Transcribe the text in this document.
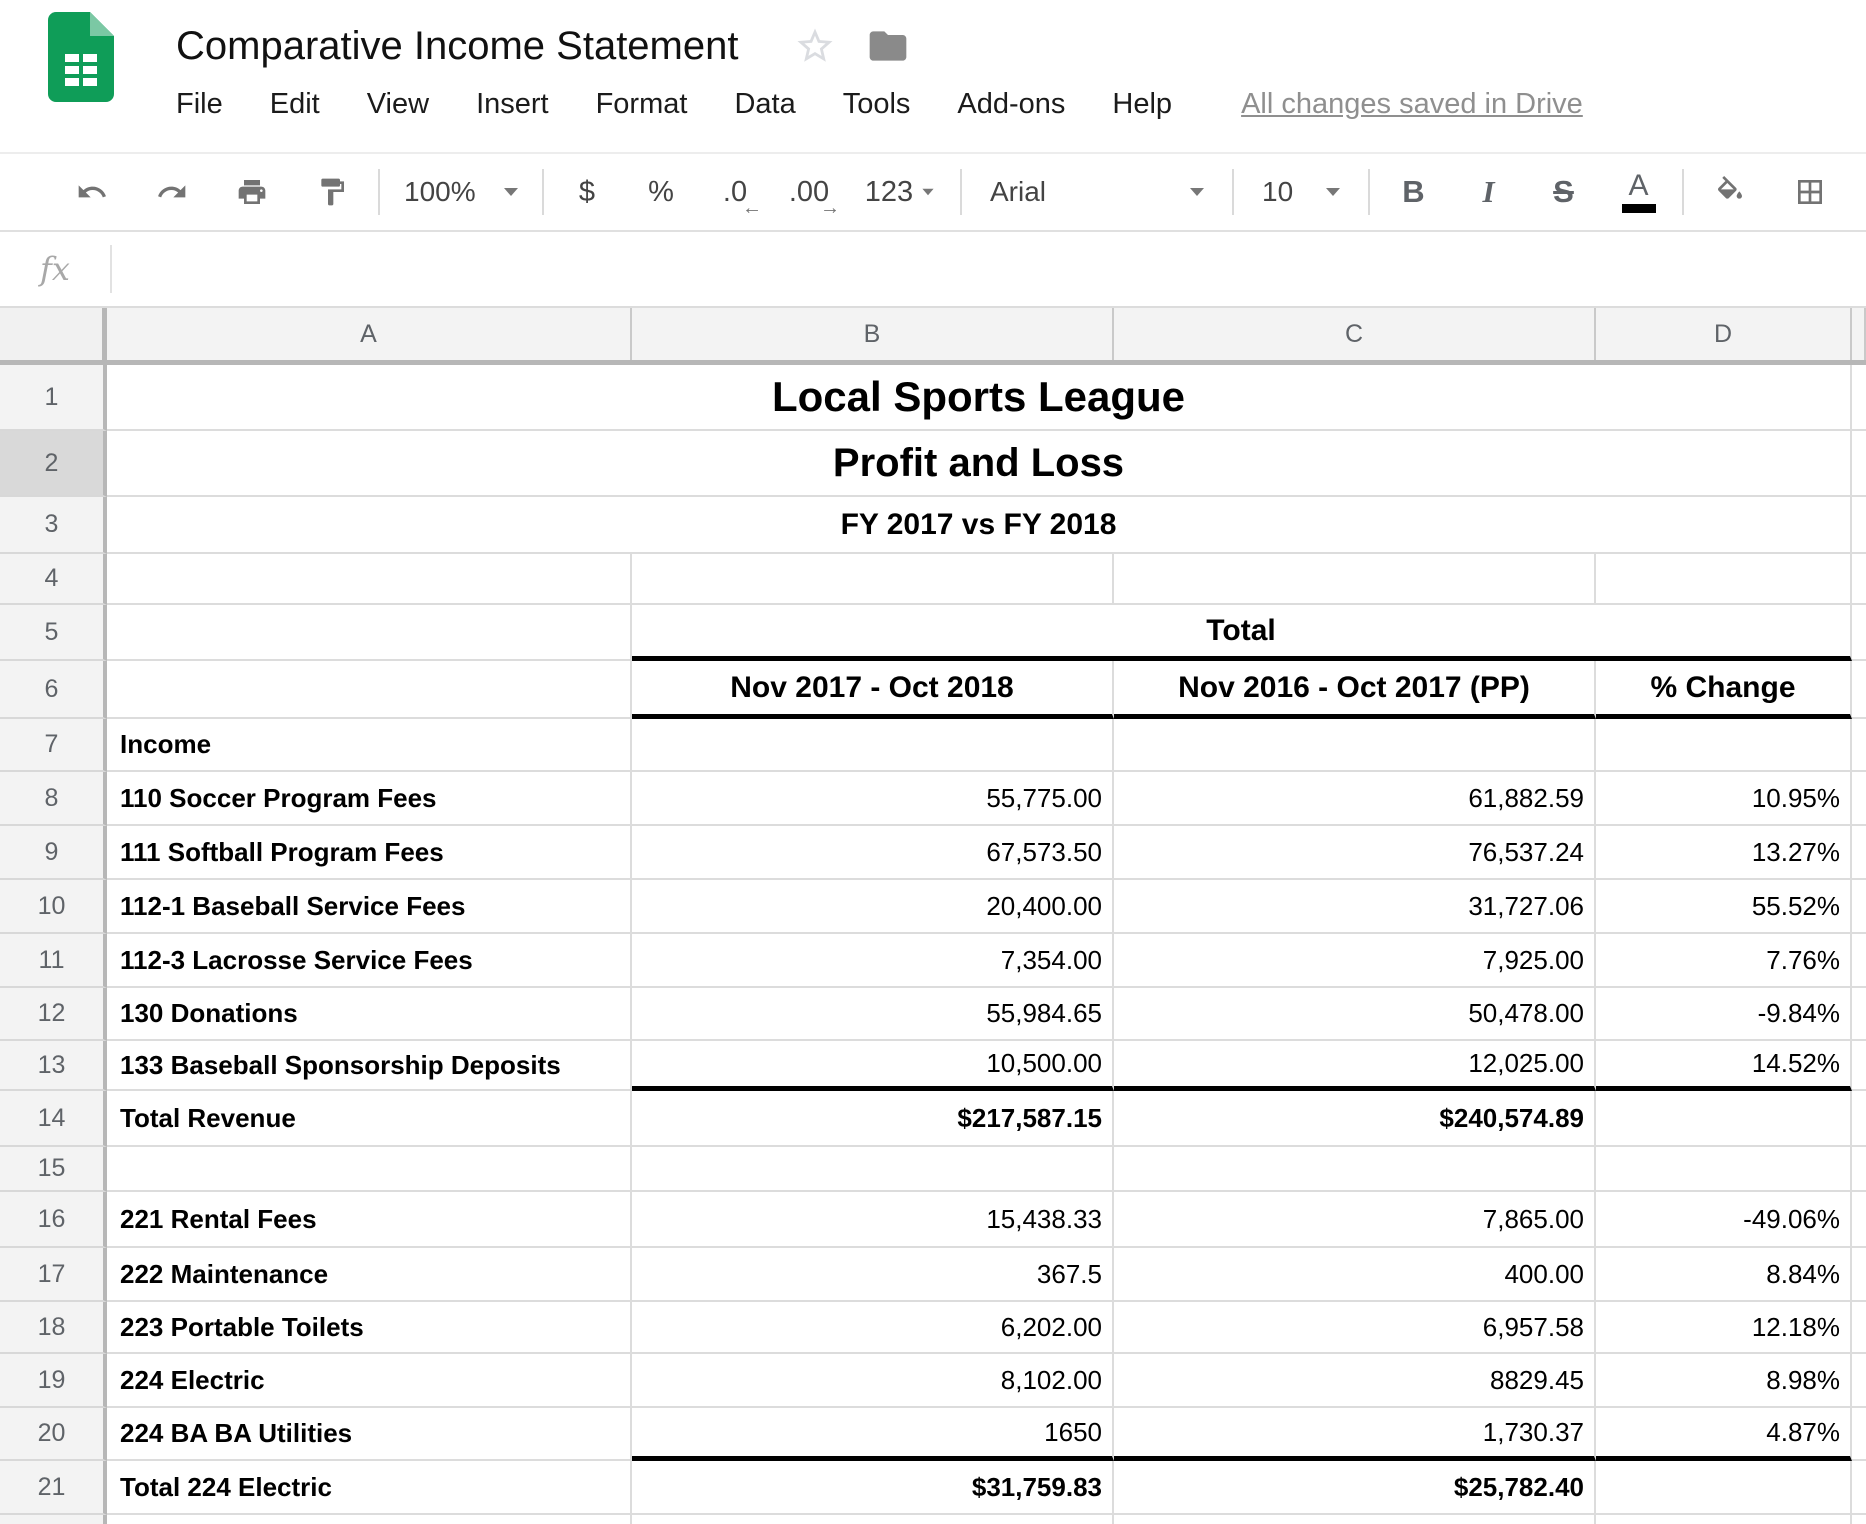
Comparative Income Statement
File	Edit	View	Insert	Format	Data	Tools	Add-ons	Help	All changes saved in Drive
100%	$	%	.0
←
.00
→
123	Arial	10	B	I	S	A
fx
A	B	C	D
1	Local Sports League
2	Profit and Loss
3	FY 2017 vs FY 2018
4
5	Total
6	Nov 2017 - Oct 2018	Nov 2016 - Oct 2017 (PP)	% Change
7	Income
8	110 Soccer Program Fees	55,775.00	61,882.59	10.95%
9	111 Softball Program Fees	67,573.50	76,537.24	13.27%
10	112-1 Baseball Service Fees	20,400.00	31,727.06	55.52%
11	112-3 Lacrosse Service Fees	7,354.00	7,925.00	7.76%
12	130 Donations	55,984.65	50,478.00	-9.84%
13	133 Baseball Sponsorship Deposits	10,500.00	12,025.00	14.52%
14	Total Revenue	$217,587.15	$240,574.89
15
16	221 Rental Fees	15,438.33	7,865.00	-49.06%
17	222 Maintenance	367.5	400.00	8.84%
18	223 Portable Toilets	6,202.00	6,957.58	12.18%
19	224 Electric	8,102.00	8829.45	8.98%
20	224 BA BA Utilities	1650	1,730.37	4.87%
21	Total 224 Electric	$31,759.83	$25,782.40
